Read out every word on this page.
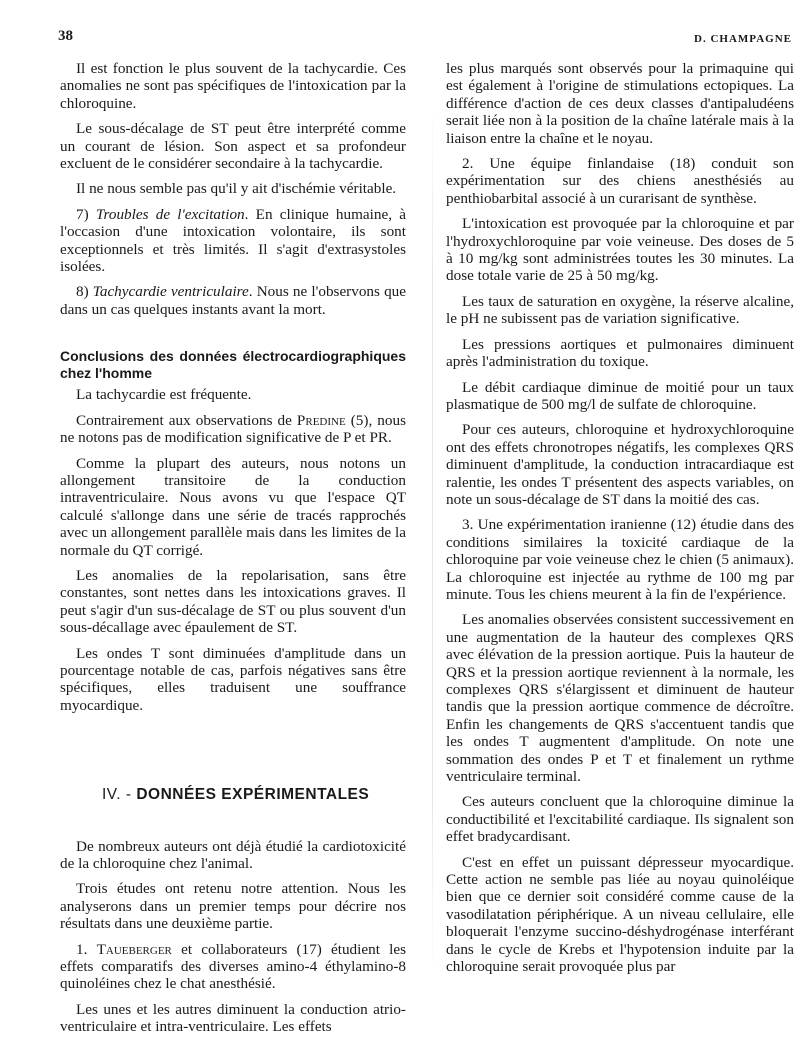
38	D. CHAMPAGNE

Il est fonction le plus souvent de la tachycardie. Ces anomalies ne sont pas spécifiques de l'intoxication par la chloroquine.

Le sous-décalage de ST peut être interprété comme un courant de lésion. Son aspect et sa profondeur excluent de le considérer secondaire à la tachycardie.

Il ne nous semble pas qu'il y ait d'ischémie véritable.

7) Troubles de l'excitation. En clinique humaine, à l'occasion d'une intoxication volontaire, ils sont exceptionnels et très limités. Il s'agit d'extrasystoles isolées.

8) Tachycardie ventriculaire. Nous ne l'observons que dans un cas quelques instants avant la mort.

Conclusions des données électrocardiographiques chez l'homme

La tachycardie est fréquente.

Contrairement aux observations de Predine (5), nous ne notons pas de modification significative de P et PR.

Comme la plupart des auteurs, nous notons un allongement transitoire de la conduction intraventriculaire. Nous avons vu que l'espace QT calculé s'allonge dans une série de tracés rapprochés avec un allongement parallèle mais dans les limites de la normale du QT corrigé.

Les anomalies de la repolarisation, sans être constantes, sont nettes dans les intoxications graves. Il peut s'agir d'un sus-décalage de ST ou plus souvent d'un sous-décallage avec épaulement de ST.

Les ondes T sont diminuées d'amplitude dans un pourcentage notable de cas, parfois négatives sans être spécifiques, elles traduisent une souffrance myocardique.

IV. - DONNÉES EXPÉRIMENTALES

De nombreux auteurs ont déjà étudié la cardiotoxicité de la chloroquine chez l'animal.

Trois études ont retenu notre attention. Nous les analyserons dans un premier temps pour décrire nos résultats dans une deuxième partie.

1. Taueberger et collaborateurs (17) étudient les effets comparatifs des diverses amino-4 éthylamino-8 quinoléines chez le chat anesthésié.

Les unes et les autres diminuent la conduction atrio-ventriculaire et intra-ventriculaire. Les effets

les plus marqués sont observés pour la primaquine qui est également à l'origine de stimulations ectopiques. La différence d'action de ces deux classes d'antipaludéens serait liée non à la position de la chaîne latérale mais à la liaison entre la chaîne et le noyau.

2. Une équipe finlandaise (18) conduit son expérimentation sur des chiens anesthésiés au penthiobarbital associé à un curarisant de synthèse.

L'intoxication est provoquée par la chloroquine et par l'hydroxychloroquine par voie veineuse. Des doses de 5 à 10 mg/kg sont administrées toutes les 30 minutes. La dose totale varie de 25 à 50 mg/kg.

Les taux de saturation en oxygène, la réserve alcaline, le pH ne subissent pas de variation significative.

Les pressions aortiques et pulmonaires diminuent après l'administration du toxique.

Le débit cardiaque diminue de moitié pour un taux plasmatique de 500 mg/l de sulfate de chloroquine.

Pour ces auteurs, chloroquine et hydroxychloroquine ont des effets chronotropes négatifs, les complexes QRS diminuent d'amplitude, la conduction intracardiaque est ralentie, les ondes T présentent des aspects variables, on note un sous-décalage de ST dans la moitié des cas.

3. Une expérimentation iranienne (12) étudie dans des conditions similaires la toxicité cardiaque de la chloroquine par voie veineuse chez le chien (5 animaux). La chloroquine est injectée au rythme de 100 mg par minute. Tous les chiens meurent à la fin de l'expérience.

Les anomalies observées consistent successivement en une augmentation de la hauteur des complexes QRS avec élévation de la pression aortique. Puis la hauteur de QRS et la pression aortique reviennent à la normale, les complexes QRS s'élargissent et diminuent de hauteur tandis que la pression aortique commence de décroître. Enfin les changements de QRS s'accentuent tandis que les ondes T augmentent d'amplitude. On note une sommation des ondes P et T et finalement un rythme ventriculaire terminal.

Ces auteurs concluent que la chloroquine diminue la conductibilité et l'excitabilité cardiaque. Ils signalent son effet bradycardisant.

C'est en effet un puissant dépresseur myocardique. Cette action ne semble pas liée au noyau quinoléique bien que ce dernier soit considéré comme cause de la vasodilatation périphérique. A un niveau cellulaire, elle bloquerait l'enzyme succino-déshydrogénase interférant dans le cycle de Krebs et l'hypotension induite par la chloroquine serait provoquée plus par
